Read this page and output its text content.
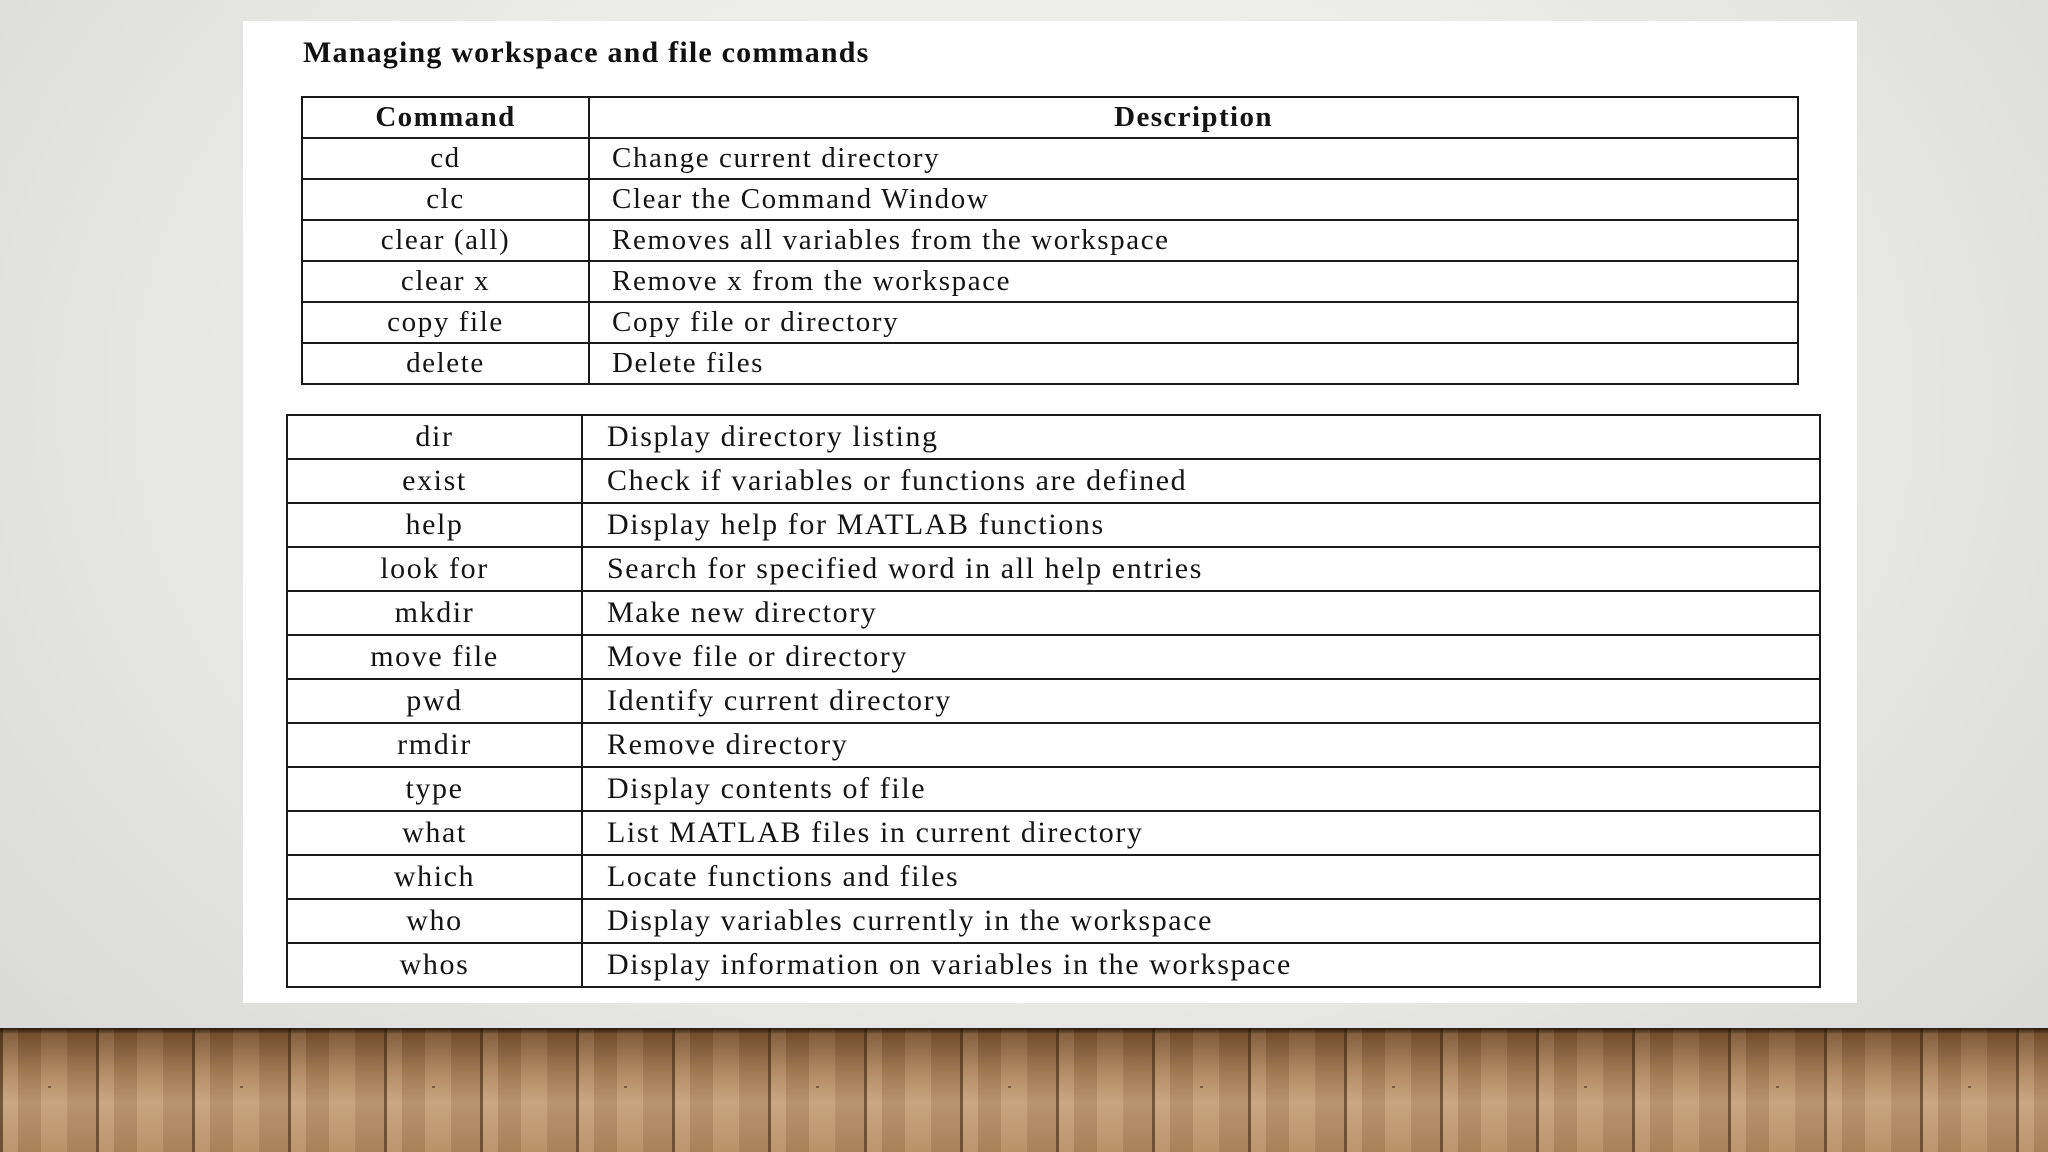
Managing workspace and file commands
Command	Description
cd	Change current directory
clc	Clear the Command Window
clear (all)	Removes all variables from the workspace
clear x	Remove x from the workspace
copy file	Copy file or directory
delete	Delete files
dir	Display directory listing
exist	Check if variables or functions are defined
help	Display help for MATLAB functions
look for	Search for specified word in all help entries
mkdir	Make new directory
move file	Move file or directory
pwd	Identify current directory
rmdir	Remove directory
type	Display contents of file
what	List MATLAB files in current directory
which	Locate functions and files
who	Display variables currently in the workspace
whos	Display information on variables in the workspace
